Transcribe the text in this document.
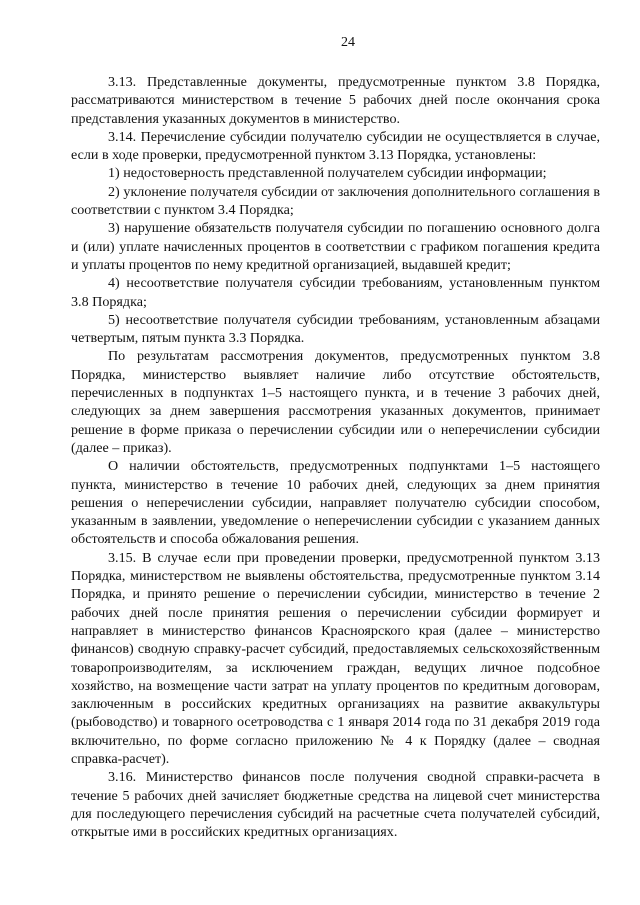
24

3.13. Представленные документы, предусмотренные пунктом 3.8 Порядка, рассматриваются министерством в течение 5 рабочих дней после окончания срока представления указанных документов в министерство.

3.14. Перечисление субсидии получателю субсидии не осуществляется в случае, если в ходе проверки, предусмотренной пунктом 3.13 Порядка, установлены:

1) недостоверность представленной получателем субсидии информации;

2) уклонение получателя субсидии от заключения дополнительного соглашения в соответствии с пунктом 3.4 Порядка;

3) нарушение обязательств получателя субсидии по погашению основного долга и (или) уплате начисленных процентов в соответствии с графиком погашения кредита и уплаты процентов по нему кредитной организацией, выдавшей кредит;

4) несоответствие получателя субсидии требованиям, установленным пунктом 3.8 Порядка;

5) несоответствие получателя субсидии требованиям, установленным абзацами четвертым, пятым пункта 3.3 Порядка.

По результатам рассмотрения документов, предусмотренных пунктом 3.8 Порядка, министерство выявляет наличие либо отсутствие обстоятельств, перечисленных в подпунктах 1–5 настоящего пункта, и в течение 3 рабочих дней, следующих за днем завершения рассмотрения указанных документов, принимает решение в форме приказа о перечислении субсидии или о неперечислении субсидии (далее – приказ).

О наличии обстоятельств, предусмотренных подпунктами 1–5 настоящего пункта, министерство в течение 10 рабочих дней, следующих за днем принятия решения о неперечислении субсидии, направляет получателю субсидии способом, указанным в заявлении, уведомление о неперечислении субсидии с указанием данных обстоятельств и способа обжалования решения.

3.15. В случае если при проведении проверки, предусмотренной пунктом 3.13 Порядка, министерством не выявлены обстоятельства, предусмотренные пунктом 3.14 Порядка, и принято решение о перечислении субсидии, министерство в течение 2 рабочих дней после принятия решения о перечислении субсидии формирует и направляет в министерство финансов Красноярского края (далее – министерство финансов) сводную справку-расчет субсидий, предоставляемых сельскохозяйственным товаропроизводителям, за исключением граждан, ведущих личное подсобное хозяйство, на возмещение части затрат на уплату процентов по кредитным договорам, заключенным в российских кредитных организациях на развитие аквакультуры (рыбоводство) и товарного осетроводства с 1 января 2014 года по 31 декабря 2019 года включительно, по форме согласно приложению № 4 к Порядку (далее – сводная справка-расчет).

3.16. Министерство финансов после получения сводной справки-расчета в течение 5 рабочих дней зачисляет бюджетные средства на лицевой счет министерства для последующего перечисления субсидий на расчетные счета получателей субсидий, открытые ими в российских кредитных организациях.
